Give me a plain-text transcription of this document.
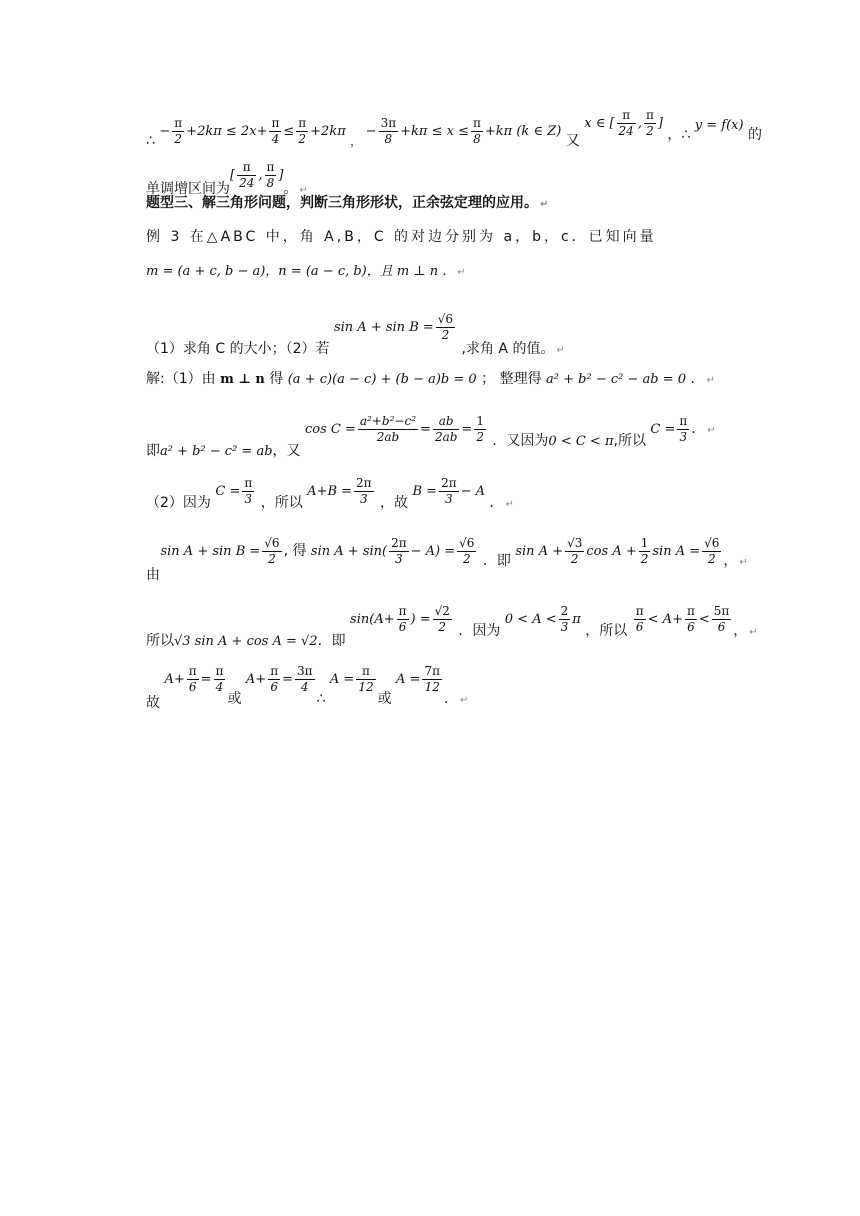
∴ − $\frac{\pi}{2} +2k\pi \le 2x+ \frac{\pi}{4} \le \frac{\pi}{2} +2k\pi$ $_, - \frac{3\pi}{8} +k\pi \le x \le \frac{\pi}{8} +k\pi$ (k ∈ Z) 又 x ∈ [ $\frac{\pi}{24}$ , $\frac{\pi}{2}$ ] ，∴ y = f(x) 的
单调增区间为[ $\frac{\pi}{24}$ , $\frac{\pi}{8}$ ]。 $_↵$
题型三、解三角形问题，判断三角形形状，正余弦定理的应用。 ↵
例 3 在△ABC 中，角 A,B，C 的对边分别为 a，b，c．已知向量
m = (a + c, b − a)，n = (a − c, b)，且 m ⊥ n ． ↵
（1）求角 C 的大小；（2）若 $\sin A + \sin B = \frac{√6}{2}$
,求角 A 的值。 $_↵$
解:（1）由 m ⊥ n 得 (a + c)(a − c) + (b − a)b = 0 ； 整理得 a² + b² − c² − ab = 0 ． ↵
即a² + b² − c² = ab，又 $\cos C = \frac{\text{a²+b²−c²}}{2ab} = \frac{ab}{2ab} = \frac{1}{2}$ ．又因为0 < C < π,所以 $C = \frac{\pi}{3}$ ． ↵
（2）因为 $C = \frac{\pi}{3}$ ，所以 $A+B = \frac{2\pi}{3}$ ，故 $B = \frac{2\pi}{3} - A$ ． $_↵$
由 $\sin A + \sin B = \frac{√6}{2}$ , 得 $\sin A + \sin( \frac{2\pi}{3} - A) = \frac{√6}{2}$ ．即 $\sin A + \frac{√3}{2}$ $\cos A + \frac{1}{2}$ $\sin A = \frac{√6}{2}$ ， $_↵$
所以√3 sin A + cos A = √2．即 $\sin(A+ \frac{\pi}{6}$ ) = $\frac{√2}{2}$ ．因为 $0 < A < \frac{2}{3}$ π ，所以 $\frac{\pi}{6} < A+ \frac{\pi}{6} < \frac{5\pi}{6}$ ， $_↵$
故 $A+ \frac{\pi}{6} = \frac{\pi}{4}$
或 $A+ \frac{\pi}{6} = \frac{3\pi}{4}$
∴ $A = \frac{\pi}{12}$
或 $A = \frac{7\pi}{12}$
． $_↵$
